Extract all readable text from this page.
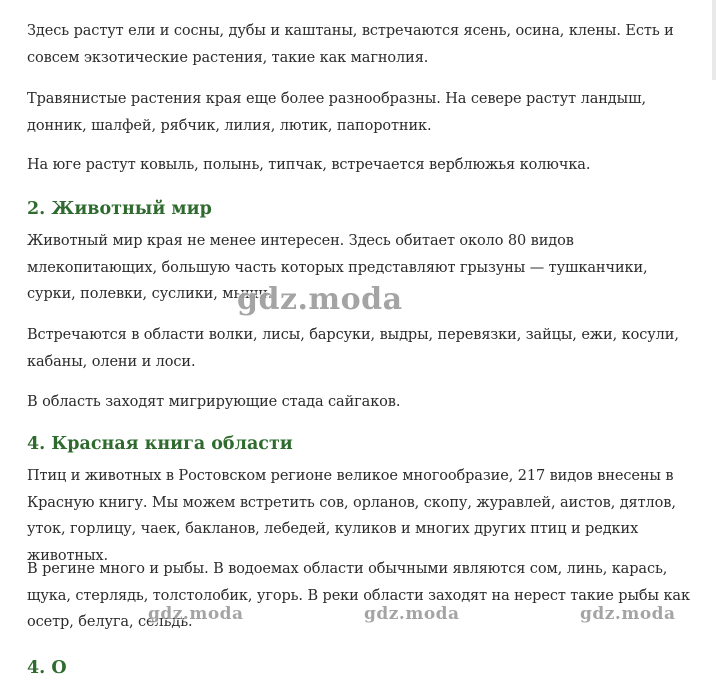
Здесь растут ели и сосны, дубы и каштаны, встречаются ясень, осина, клены. Есть и совсем экзотические растения, такие как магнолия.

Травянистые растения края еще более разнообразны. На севере растут ландыш, донник, шалфей, рябчик, лилия, лютик, папоротник.

На юге растут ковыль, полынь, типчак, встречается верблюжья колючка.

2. Животный мир

Животный мир края не менее интересен. Здесь обитает около 80 видов млекопитающих, большую часть которых представляют грызуны — тушканчики, сурки, полевки, суслики, мыши.

Встречаются в области волки, лисы, барсуки, выдры, перевязки, зайцы, ежи, косули, кабаны, олени и лоси.

В область заходят мигрирующие стада сайгаков.

4. Красная книга области

Птиц и животных в Ростовском регионе великое многообразие, 217 видов внесены в Красную книгу. Мы можем встретить сов, орланов, скопу, журавлей, аистов, дятлов, уток, горлицу, чаек, бакланов, лебедей, куликов и многих других птиц и редких животных.

В регине много и рыбы. В водоемах области обычными являются сом, линь, карась, щука, стерлядь, толстолобик, угорь. В реки области заходят на нерест такие рыбы как осетр, белуга, сельдь.

4. О
gdz.moda
gdz.moda	gdz.moda	gdz.moda
